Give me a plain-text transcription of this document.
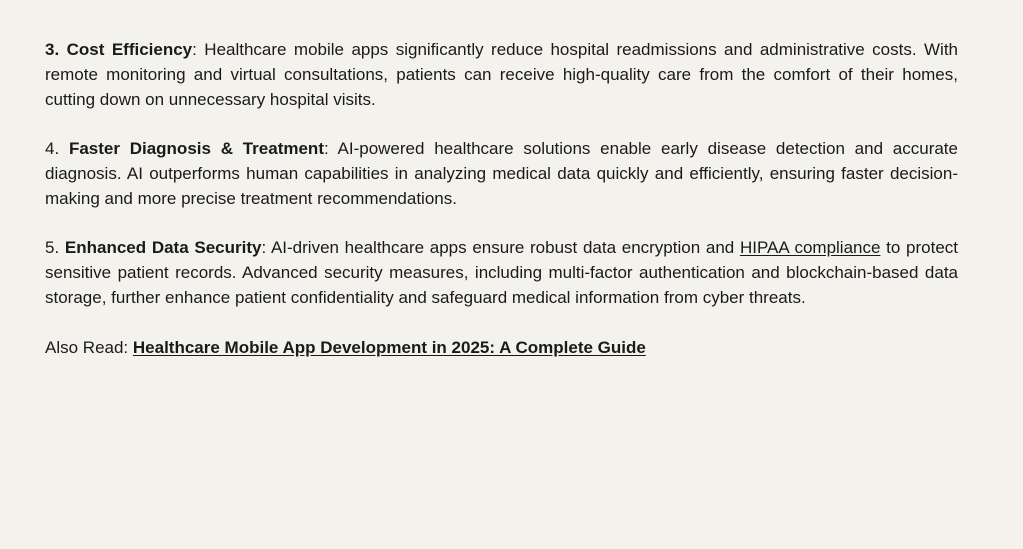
3. Cost Efficiency: Healthcare mobile apps significantly reduce hospital readmissions and administrative costs. With remote monitoring and virtual consultations, patients can receive high-quality care from the comfort of their homes, cutting down on unnecessary hospital visits.

4. Faster Diagnosis & Treatment: AI-powered healthcare solutions enable early disease detection and accurate diagnosis. AI outperforms human capabilities in analyzing medical data quickly and efficiently, ensuring faster decision-making and more precise treatment recommendations.

5. Enhanced Data Security: AI-driven healthcare apps ensure robust data encryption and HIPAA compliance to protect sensitive patient records. Advanced security measures, including multi-factor authentication and blockchain-based data storage, further enhance patient confidentiality and safeguard medical information from cyber threats.

Also Read: Healthcare Mobile App Development in 2025: A Complete Guide
